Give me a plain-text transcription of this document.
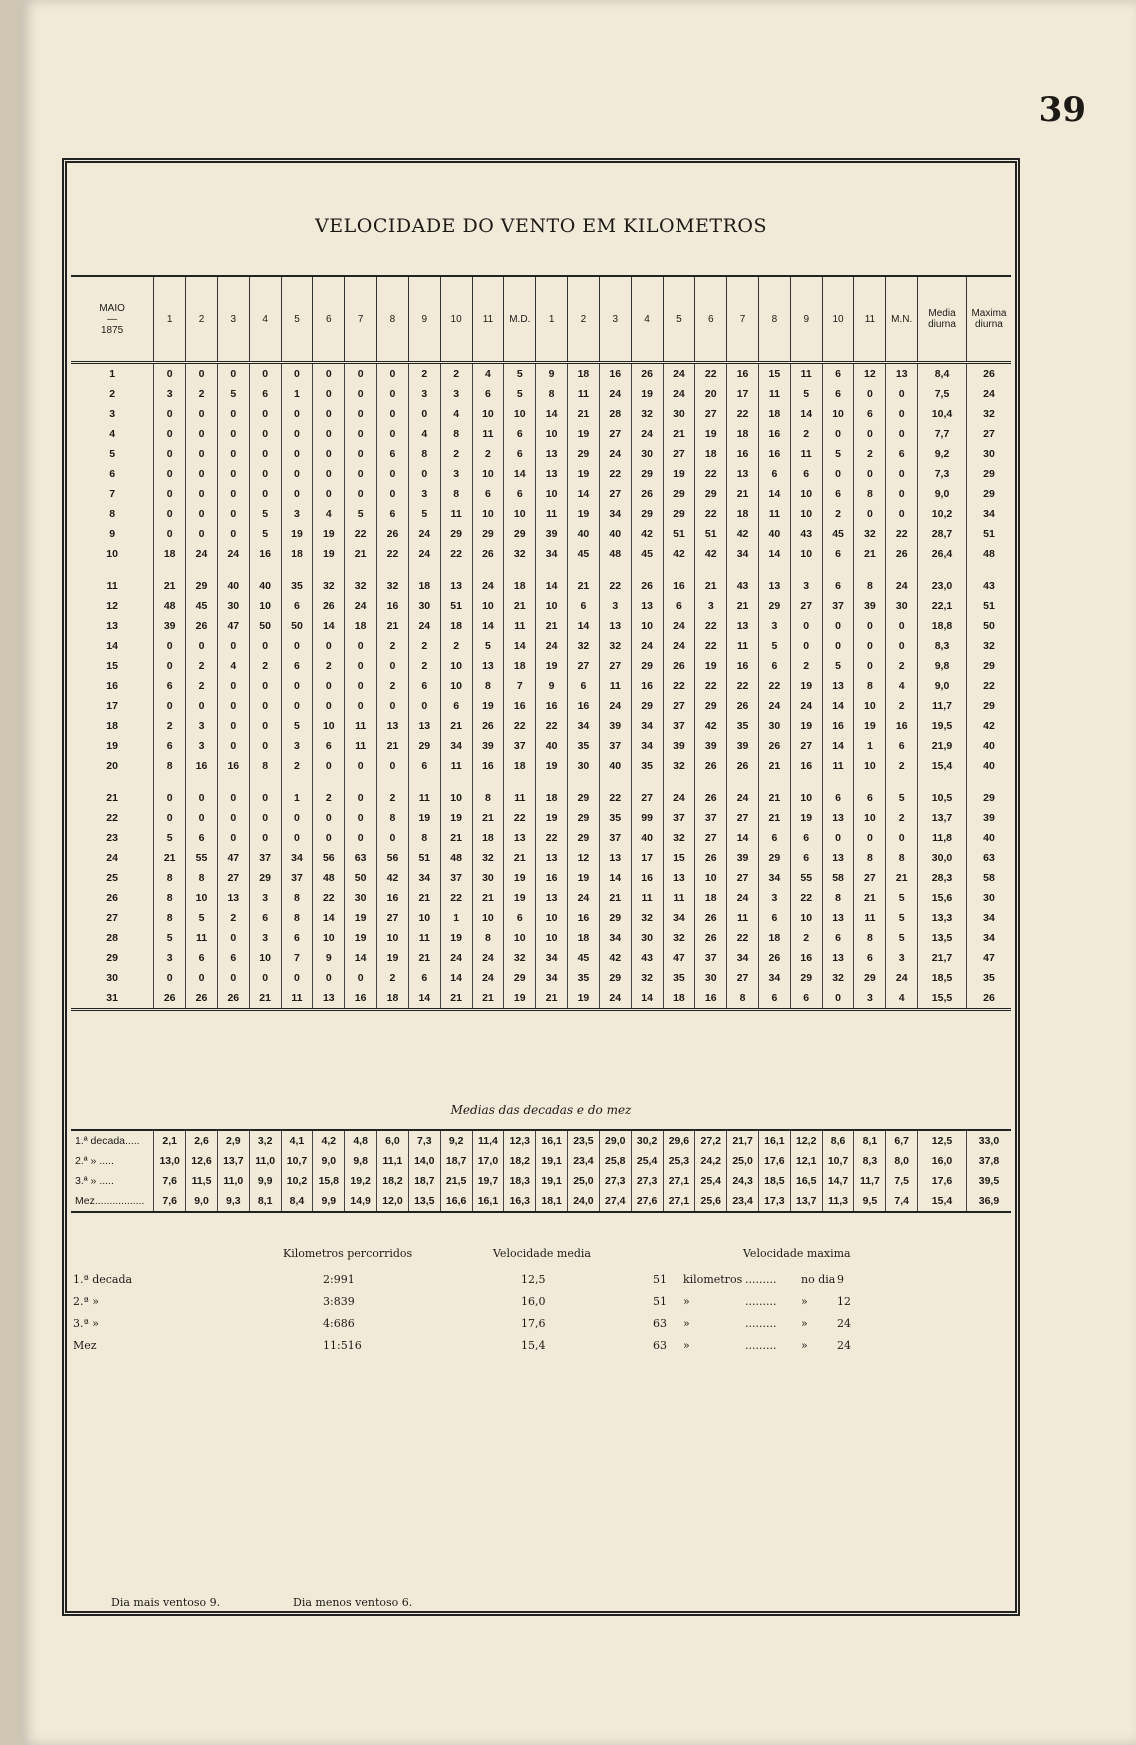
39
VELOCIDADE DO VENTO EM KILOMETROS
MAIO
—
1875	1	2	3	4	5	6	7	8	9	10	11	M.D.	1	2	3	4	5	6	7	8	9	10	11	M.N.	Media diurna	Maxima diurna
1	0	0	0	0	0	0	0	0	2	2	4	5	9	18	16	26	24	22	16	15	11	6	12	13	8,4	26
2	3	2	5	6	1	0	0	0	3	3	6	5	8	11	24	19	24	20	17	11	5	6	0	0	7,5	24
3	0	0	0	0	0	0	0	0	0	4	10	10	14	21	28	32	30	27	22	18	14	10	6	0	10,4	32
4	0	0	0	0	0	0	0	0	4	8	11	6	10	19	27	24	21	19	18	16	2	0	0	0	7,7	27
5	0	0	0	0	0	0	0	6	8	2	2	6	13	29	24	30	27	18	16	16	11	5	2	6	9,2	30
6	0	0	0	0	0	0	0	0	0	3	10	14	13	19	22	29	19	22	13	6	6	0	0	0	7,3	29
7	0	0	0	0	0	0	0	0	3	8	6	6	10	14	27	26	29	29	21	14	10	6	8	0	9,0	29
8	0	0	0	5	3	4	5	6	5	11	10	10	11	19	34	29	29	22	18	11	10	2	0	0	10,2	34
9	0	0	0	5	19	19	22	26	24	29	29	29	39	40	40	42	51	51	42	40	43	45	32	22	28,7	51
10	18	24	24	16	18	19	21	22	24	22	26	32	34	45	48	45	42	42	34	14	10	6	21	26	26,4	48

11	21	29	40	40	35	32	32	32	18	13	24	18	14	21	22	26	16	21	43	13	3	6	8	24	23,0	43
12	48	45	30	10	6	26	24	16	30	51	10	21	10	6	3	13	6	3	21	29	27	37	39	30	22,1	51
13	39	26	47	50	50	14	18	21	24	18	14	11	21	14	13	10	24	22	13	3	0	0	0	0	18,8	50
14	0	0	0	0	0	0	0	2	2	2	5	14	24	32	32	24	24	22	11	5	0	0	0	0	8,3	32
15	0	2	4	2	6	2	0	0	2	10	13	18	19	27	27	29	26	19	16	6	2	5	0	2	9,8	29
16	6	2	0	0	0	0	0	2	6	10	8	7	9	6	11	16	22	22	22	22	19	13	8	4	9,0	22
17	0	0	0	0	0	0	0	0	0	6	19	16	16	16	24	29	27	29	26	24	24	14	10	2	11,7	29
18	2	3	0	0	5	10	11	13	13	21	26	22	22	34	39	34	37	42	35	30	19	16	19	16	19,5	42
19	6	3	0	0	3	6	11	21	29	34	39	37	40	35	37	34	39	39	39	26	27	14	1	6	21,9	40
20	8	16	16	8	2	0	0	0	6	11	16	18	19	30	40	35	32	26	26	21	16	11	10	2	15,4	40

21	0	0	0	0	1	2	0	2	11	10	8	11	18	29	22	27	24	26	24	21	10	6	6	5	10,5	29
22	0	0	0	0	0	0	0	8	19	19	21	22	19	29	35	99	37	37	27	21	19	13	10	2	13,7	39
23	5	6	0	0	0	0	0	0	8	21	18	13	22	29	37	40	32	27	14	6	6	0	0	0	11,8	40
24	21	55	47	37	34	56	63	56	51	48	32	21	13	12	13	17	15	26	39	29	6	13	8	8	30,0	63
25	8	8	27	29	37	48	50	42	34	37	30	19	16	19	14	16	13	10	27	34	55	58	27	21	28,3	58
26	8	10	13	3	8	22	30	16	21	22	21	19	13	24	21	11	11	18	24	3	22	8	21	5	15,6	30
27	8	5	2	6	8	14	19	27	10	1	10	6	10	16	29	32	34	26	11	6	10	13	11	5	13,3	34
28	5	11	0	3	6	10	19	10	11	19	8	10	10	18	34	30	32	26	22	18	2	6	8	5	13,5	34
29	3	6	6	10	7	9	14	19	21	24	24	32	34	45	42	43	47	37	34	26	16	13	6	3	21,7	47
30	0	0	0	0	0	0	0	2	6	14	24	29	34	35	29	32	35	30	27	34	29	32	29	24	18,5	35
31	26	26	26	21	11	13	16	18	14	21	21	19	21	19	24	14	18	16	8	6	6	0	3	4	15,5	26
Medias das decadas e do mez
1.ª decada.....	2,1	2,6	2,9	3,2	4,1	4,2	4,8	6,0	7,3	9,2	11,4	12,3	16,1	23,5	29,0	30,2	29,6	27,2	21,7	16,1	12,2	8,6	8,1	6,7	12,5	33,0
2.ª » .....	13,0	12,6	13,7	11,0	10,7	9,0	9,8	11,1	14,0	18,7	17,0	18,2	19,1	23,4	25,8	25,4	25,3	24,2	25,0	17,6	12,1	10,7	8,3	8,0	16,0	37,8
3.ª » .....	7,6	11,5	11,0	9,9	10,2	15,8	19,2	18,2	18,7	21,5	19,7	18,3	19,1	25,0	27,3	27,3	27,1	25,4	24,3	18,5	16,5	14,7	11,7	7,5	17,6	39,5
Mez.................	7,6	9,0	9,3	8,1	8,4	9,9	14,9	12,0	13,5	16,6	16,1	16,3	18,1	24,0	27,4	27,6	27,1	25,6	23,4	17,3	13,7	11,3	9,5	7,4	15,4	36,9
Kilometros percorridos	Velocidade media	Velocidade maxima
1.ª decada	2:991	12,5	51 kilometros ......... no dia 9
2.ª »	3:839	16,0	51 »	......... »	12
3.ª »	4:686	17,6	63 »	......... »	24
Mez	11:516	15,4	63 »	......... »	24
Dia mais ventoso 9.	Dia menos ventoso 6.
